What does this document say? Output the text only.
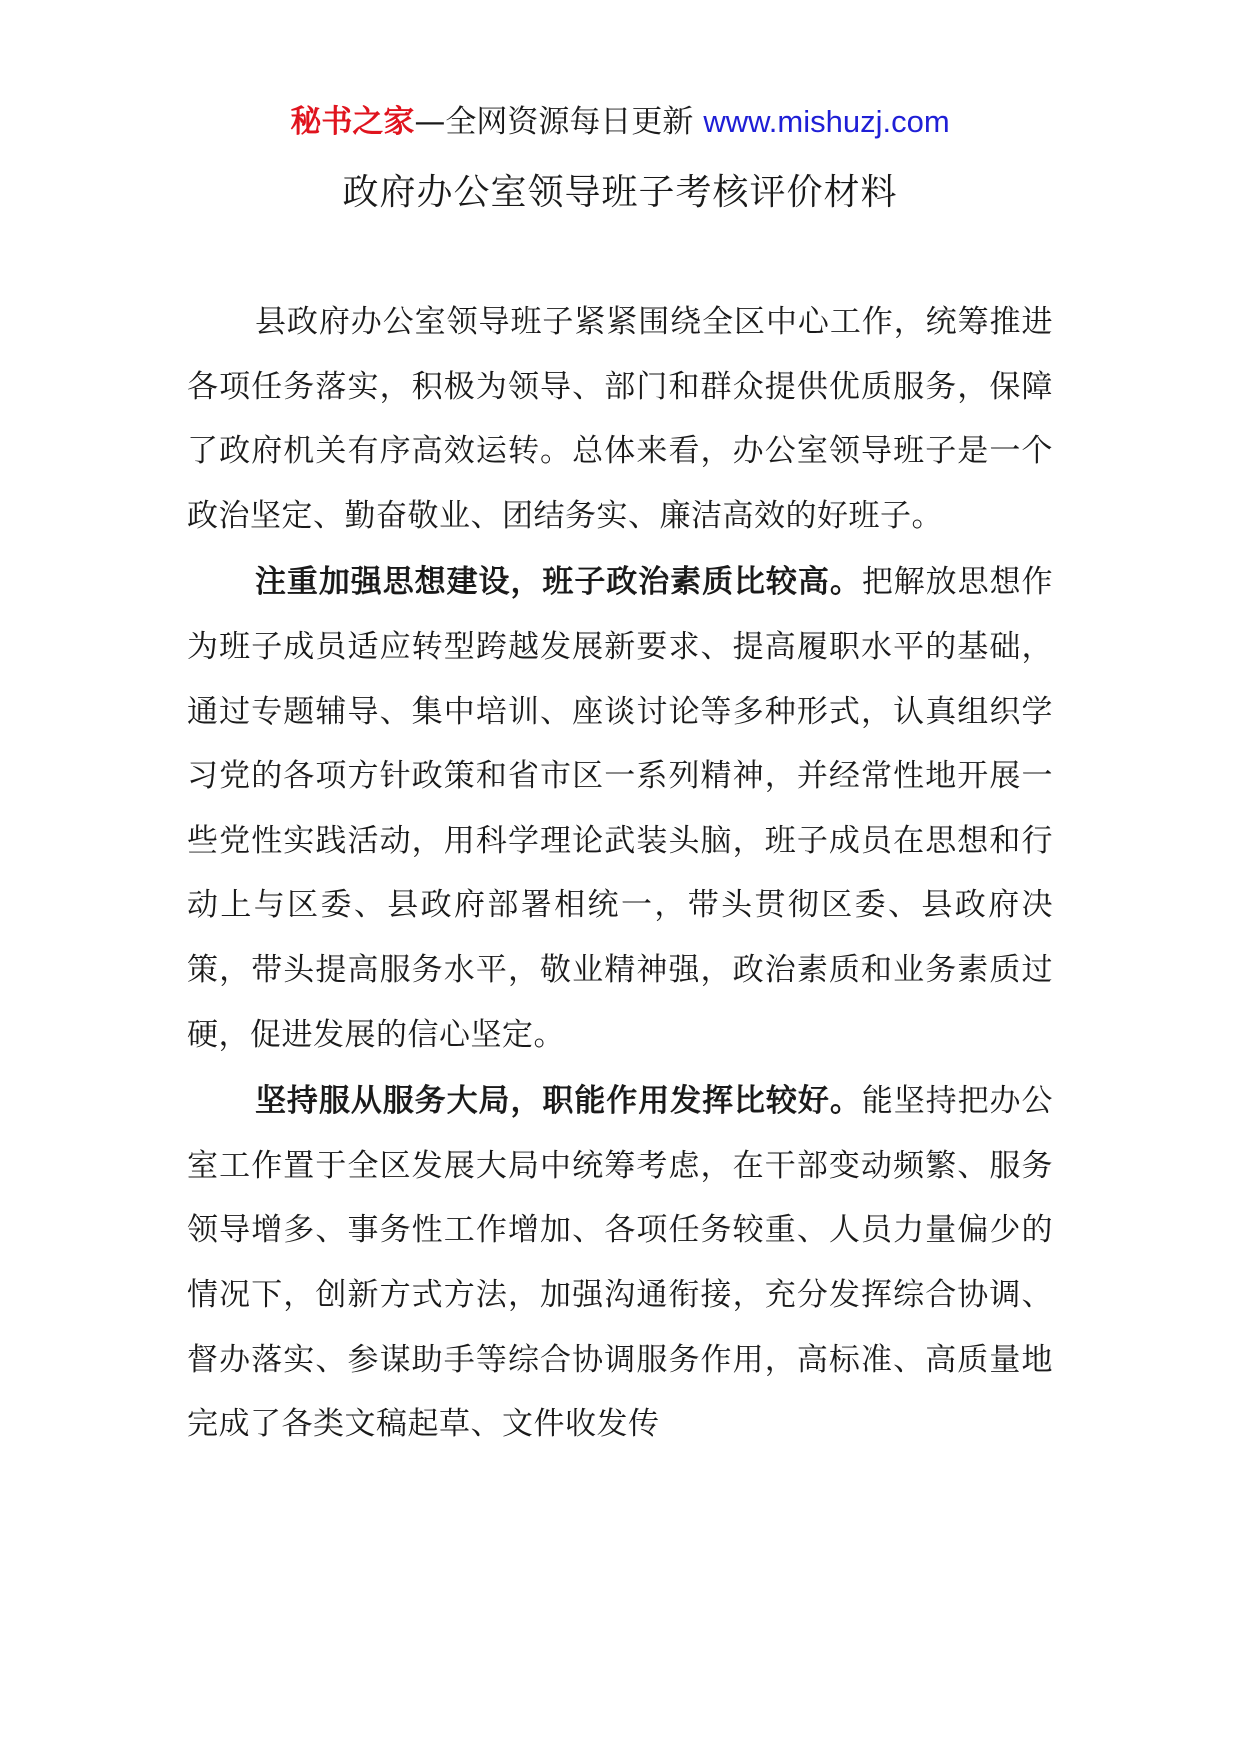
秘书之家—全网资源每日更新 www.mishuzj.com
政府办公室领导班子考核评价材料

县政府办公室领导班子紧紧围绕全区中心工作，统筹推进各项任务落实，积极为领导、部门和群众提供优质服务，保障了政府机关有序高效运转。总体来看，办公室领导班子是一个政治坚定、勤奋敬业、团结务实、廉洁高效的好班子。

注重加强思想建设，班子政治素质比较高。把解放思想作为班子成员适应转型跨越发展新要求、提高履职水平的基础，通过专题辅导、集中培训、座谈讨论等多种形式，认真组织学习党的各项方针政策和省市区一系列精神，并经常性地开展一些党性实践活动，用科学理论武装头脑，班子成员在思想和行动上与区委、县政府部署相统一，带头贯彻区委、县政府决策，带头提高服务水平，敬业精神强，政治素质和业务素质过硬，促进发展的信心坚定。

坚持服从服务大局，职能作用发挥比较好。能坚持把办公室工作置于全区发展大局中统筹考虑，在干部变动频繁、服务领导增多、事务性工作增加、各项任务较重、人员力量偏少的情况下，创新方式方法，加强沟通衔接，充分发挥综合协调、督办落实、参谋助手等综合协调服务作用，高标准、高质量地完成了各类文稿起草、文件收发传
